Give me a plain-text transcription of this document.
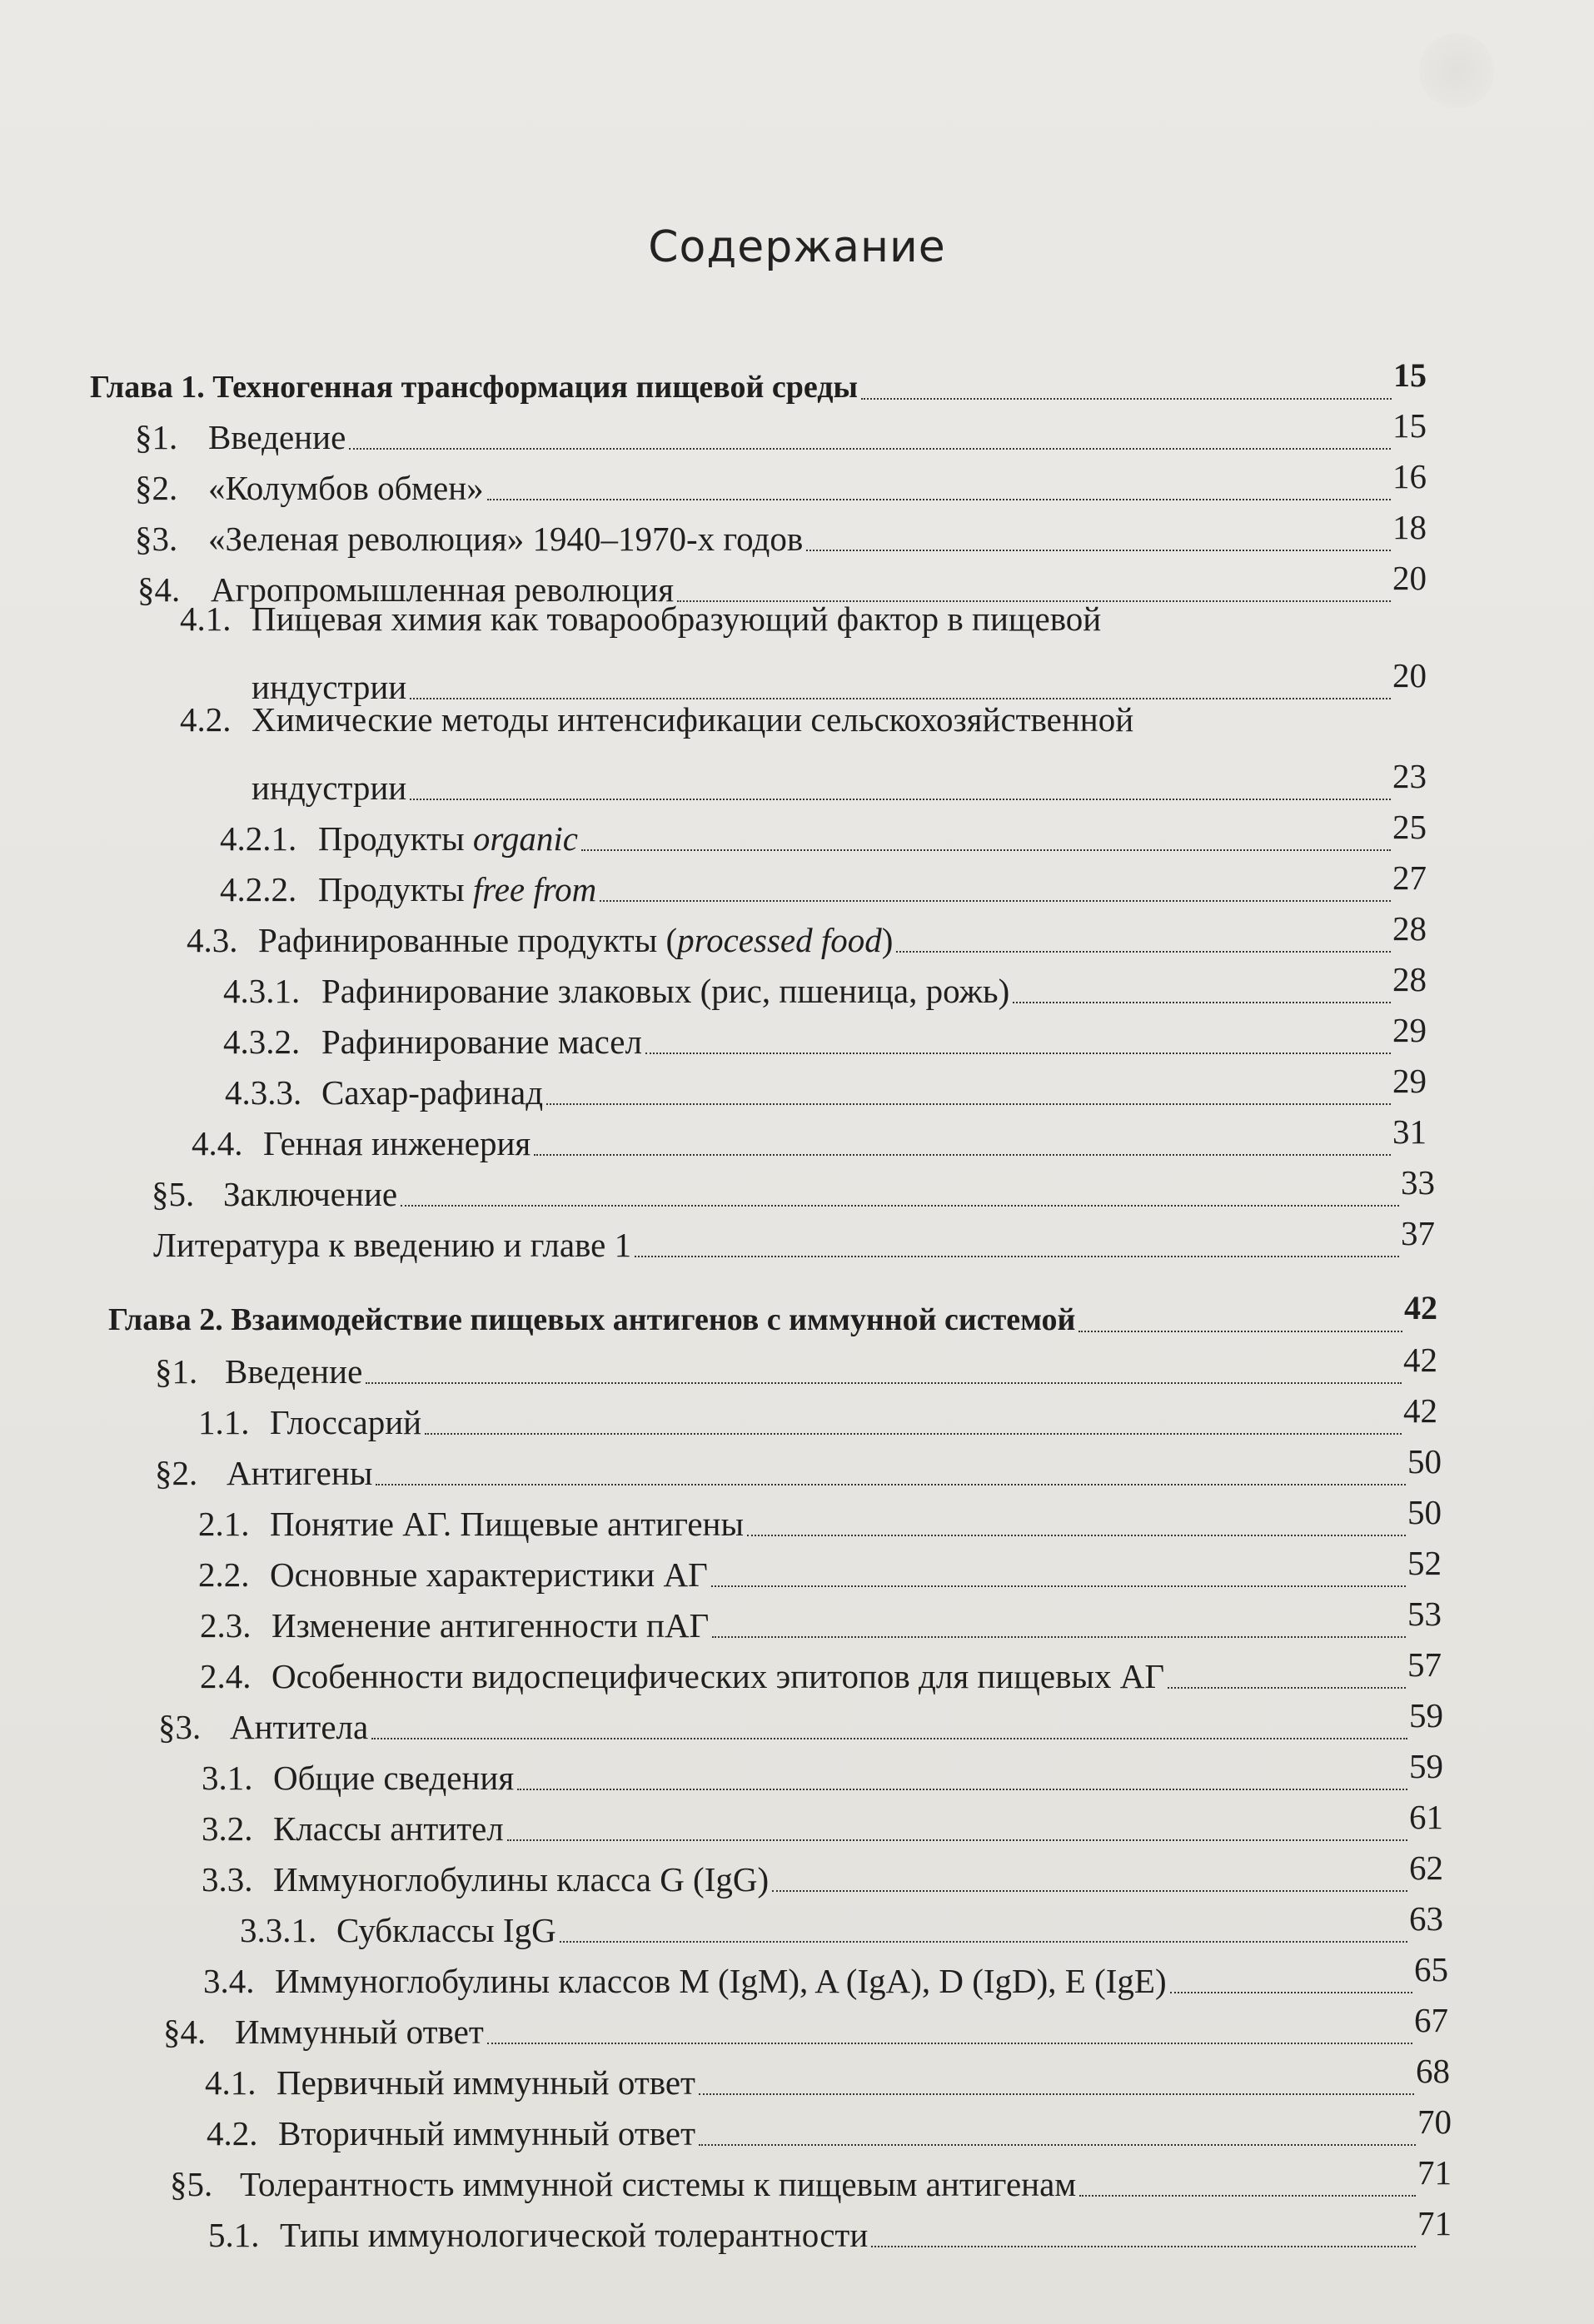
Содержание
Глава 1. Техногенная трансформация пищевой среды	15
§1. Введение	15
§2. «Колумбов обмен»	16
§3. «Зеленая революция» 1940–1970-х годов	18
§4. Агропромышленная революция	20
4.1. Пищевая химия как товарообразующий фактор в пищевой
индустрии	20
4.2. Химические методы интенсификации сельскохозяйственной
индустрии	23
4.2.1. Продукты organic	25
4.2.2. Продукты free from	27
4.3. Рафинированные продукты (processed food)	28
4.3.1. Рафинирование злаковых (рис, пшеница, рожь)	28
4.3.2. Рафинирование масел	29
4.3.3. Сахар-рафинад	29
4.4. Генная инженерия	31
§5. Заключение	33
Литература к введению и главе 1	37
Глава 2. Взаимодействие пищевых антигенов с иммунной системой	42
§1. Введение	42
1.1. Глоссарий	42
§2. Антигены	50
2.1. Понятие АГ. Пищевые антигены	50
2.2. Основные характеристики АГ	52
2.3. Изменение антигенности пАГ	53
2.4. Особенности видоспецифических эпитопов для пищевых АГ	57
§3. Антитела	59
3.1. Общие сведения	59
3.2. Классы антител	61
3.3. Иммуноглобулины класса G (IgG)	62
3.3.1. Субклассы IgG	63
3.4. Иммуноглобулины классов M (IgM), A (IgA), D (IgD), E (IgE)	65
§4. Иммунный ответ	67
4.1. Первичный иммунный ответ	68
4.2. Вторичный иммунный ответ	70
§5. Толерантность иммунной системы к пищевым антигенам	71
5.1. Типы иммунологической толерантности	71
